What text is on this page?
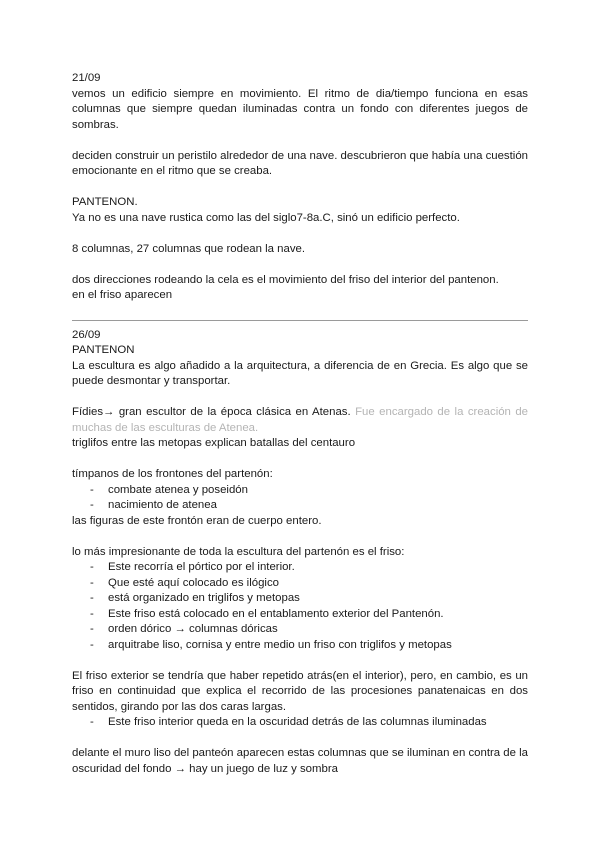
21/09

vemos un edificio siempre en movimiento. El ritmo de dia/tiempo funciona en esas columnas que siempre quedan iluminadas contra un fondo con diferentes juegos de sombras.

deciden construir un peristilo alrededor de una nave. descubrieron que había una cuestión emocionante en el ritmo que se creaba.

PANTENON.

Ya no es una nave rustica como las del siglo7-8a.C, sinó un edificio perfecto.

8 columnas, 27 columnas que rodean la nave.

dos direcciones rodeando la cela es el movimiento del friso del interior del pantenon.

en el friso aparecen

26/09

PANTENON

La escultura es algo añadido a la arquitectura, a diferencia de en Grecia. Es algo que se puede desmontar y transportar.

Fídies→ gran escultor de la época clásica en Atenas. Fue encargado de la creación de muchas de las esculturas de Atenea.

triglifos entre las metopas explican batallas del centauro

tímpanos de los frontones del partenón:

- combate atenea y poseidón
- nacimiento de atenea

las figuras de este frontón eran de cuerpo entero.

lo más impresionante de toda la escultura del partenón es el friso:

- Este recorría el pórtico por el interior.
- Que esté aquí colocado es ilógico
- está organizado en triglifos y metopas
- Este friso está colocado en el entablamento exterior del Pantenón.
- orden dórico → columnas dóricas
- arquitrabe liso, cornisa y entre medio un friso con triglifos y metopas

El friso exterior se tendría que haber repetido atrás(en el interior), pero, en cambio, es un friso en continuidad que explica el recorrido de las procesiones panatenaicas en dos sentidos, girando por las dos caras largas.

- Este friso interior queda en la oscuridad detrás de las columnas iluminadas

delante el muro liso del panteón aparecen estas columnas que se iluminan en contra de la oscuridad del fondo → hay un juego de luz y sombra
